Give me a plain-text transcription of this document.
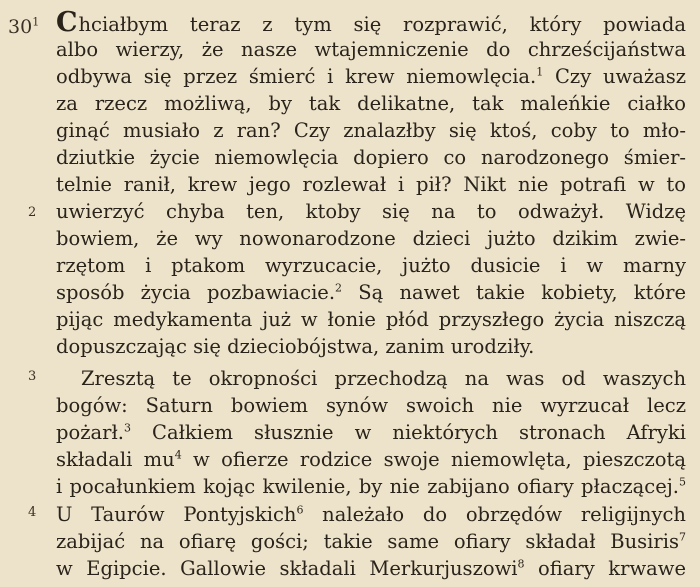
$30^1$
2
3
4
Chciałbym teraz z tym się rozprawić, który powiada
albo wierzy, że nasze wtajemniczenie do chrześcijaństwa
odbywa się przez śmierć i krew niemowlęcia.$^1$ Czy uważasz
za rzecz możliwą, by tak delikatne, tak maleńkie ciałko
ginąć musiało z ran? Czy znalazłby się ktoś, coby to mło-
dziutkie życie niemowlęcia dopiero co narodzonego śmier-
telnie ranił, krew jego rozlewał i pił? Nikt nie potrafi w to
uwierzyć chyba ten, ktoby się na to odważył. Widzę
bowiem, że wy nowonarodzone dzieci jużto dzikim zwie-
rzętom i ptakom wyrzucacie, jużto dusicie i w marny
sposób życia pozbawiacie.$^2$ Są nawet takie kobiety, które
pijąc medykamenta już w łonie płód przyszłego życia niszczą
dopuszczając się dzieciobójstwa, zanim urodziły.
Zresztą te okropności przechodzą na was od waszych
bogów: Saturn bowiem synów swoich nie wyrzucał lecz
pożarł.$^3$ Całkiem słusznie w niektórych stronach Afryki
składali $mu^4$ w ofierze rodzice swoje niemowlęta, pieszczotą
i pocałunkiem kojąc kwilenie, by nie zabijano ofiary płaczącej.$^5$
U Taurów Pontyjskich$^6$ należało do obrzędów religijnych
zabijać na ofiarę gości; takie same ofiary składał Busiris$^7$
w Egipcie. Gallowie składali Merkurjuszowi$^8$ ofiary krwawe
